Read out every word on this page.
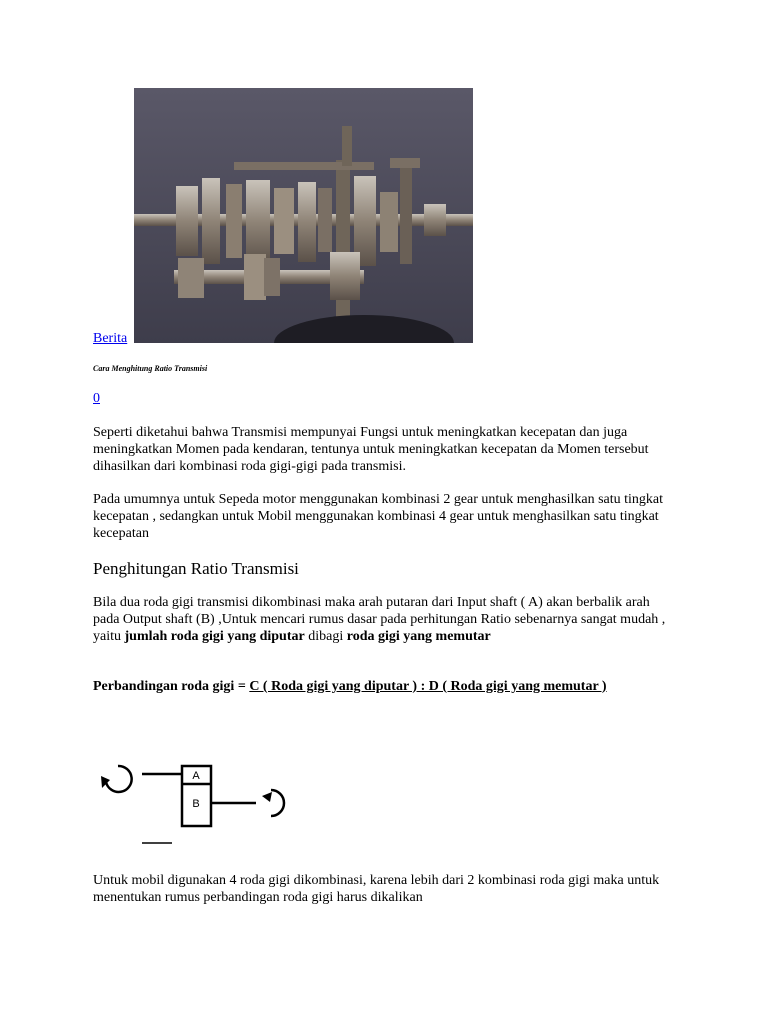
Berita
Cara Menghitung Ratio Transmisi
0

Seperti diketahui bahwa Transmisi mempunyai Fungsi untuk meningkatkan kecepatan dan juga meningkatkan Momen pada kendaran, tentunya untuk meningkatkan kecepatan da Momen tersebut dihasilkan dari kombinasi roda gigi-gigi pada transmisi.

Pada umumnya untuk Sepeda motor menggunakan kombinasi 2 gear untuk menghasilkan satu tingkat kecepatan , sedangkan untuk Mobil menggunakan kombinasi 4 gear untuk menghasilkan satu tingkat kecepatan

Penghitungan Ratio Transmisi

Bila dua roda gigi transmisi dikombinasi maka arah putaran dari Input shaft ( A) akan berbalik arah pada Output shaft (B) ,Untuk mencari rumus dasar pada perhitungan Ratio sebenarnya sangat mudah , yaitu jumlah roda gigi yang diputar dibagi roda gigi yang memutar

Perbandingan roda gigi = C ( Roda gigi yang diputar ) : D ( Roda gigi yang memutar )
A
B

Untuk mobil digunakan 4 roda gigi dikombinasi, karena lebih dari 2 kombinasi roda gigi maka untuk menentukan rumus perbandingan roda gigi harus dikalikan
